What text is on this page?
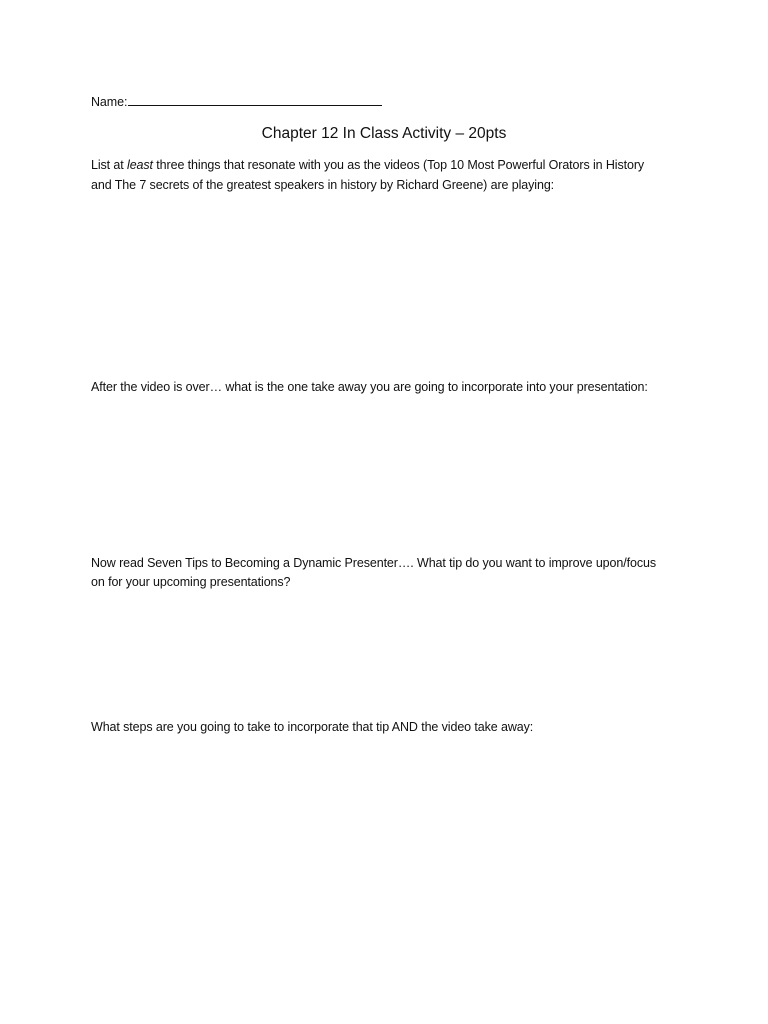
Name:
Chapter 12 In Class Activity – 20pts
List at least three things that resonate with you as the videos (Top 10 Most Powerful Orators in History
and The 7 secrets of the greatest speakers in history by Richard Greene) are playing:
After the video is over… what is the one take away you are going to incorporate into your presentation:
Now read Seven Tips to Becoming a Dynamic Presenter…. What tip do you want to improve upon/focus
on for your upcoming presentations?
What steps are you going to take to incorporate that tip AND the video take away:
